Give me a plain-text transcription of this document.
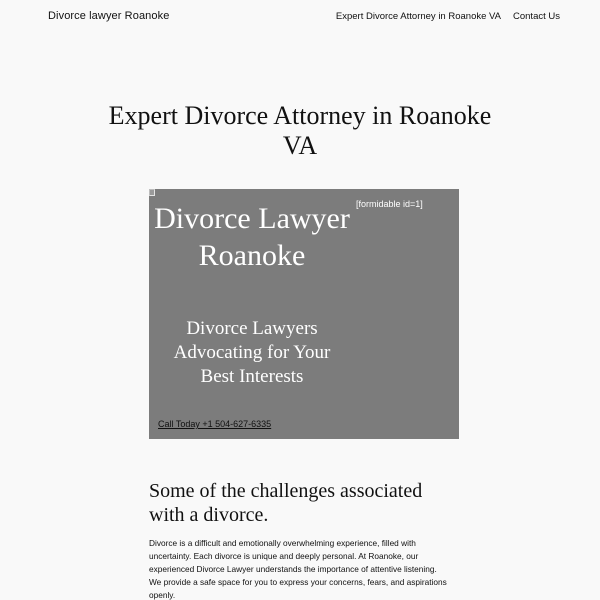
Divorce lawyer Roanoke	Expert Divorce Attorney in Roanoke VA Contact Us
Expert Divorce Attorney in Roanoke VA
Divorce Lawyer Roanoke
Divorce Lawyers Advocating for Your Best Interests
[formidable id=1]
Call Today +1 504-627-6335
Some of the challenges associated with a divorce.

Divorce is a difficult and emotionally overwhelming experience, filled with uncertainty. Each divorce is unique and deeply personal. At Roanoke, our experienced Divorce Lawyer understands the importance of attentive listening. We provide a safe space for you to express your concerns, fears, and aspirations openly.
